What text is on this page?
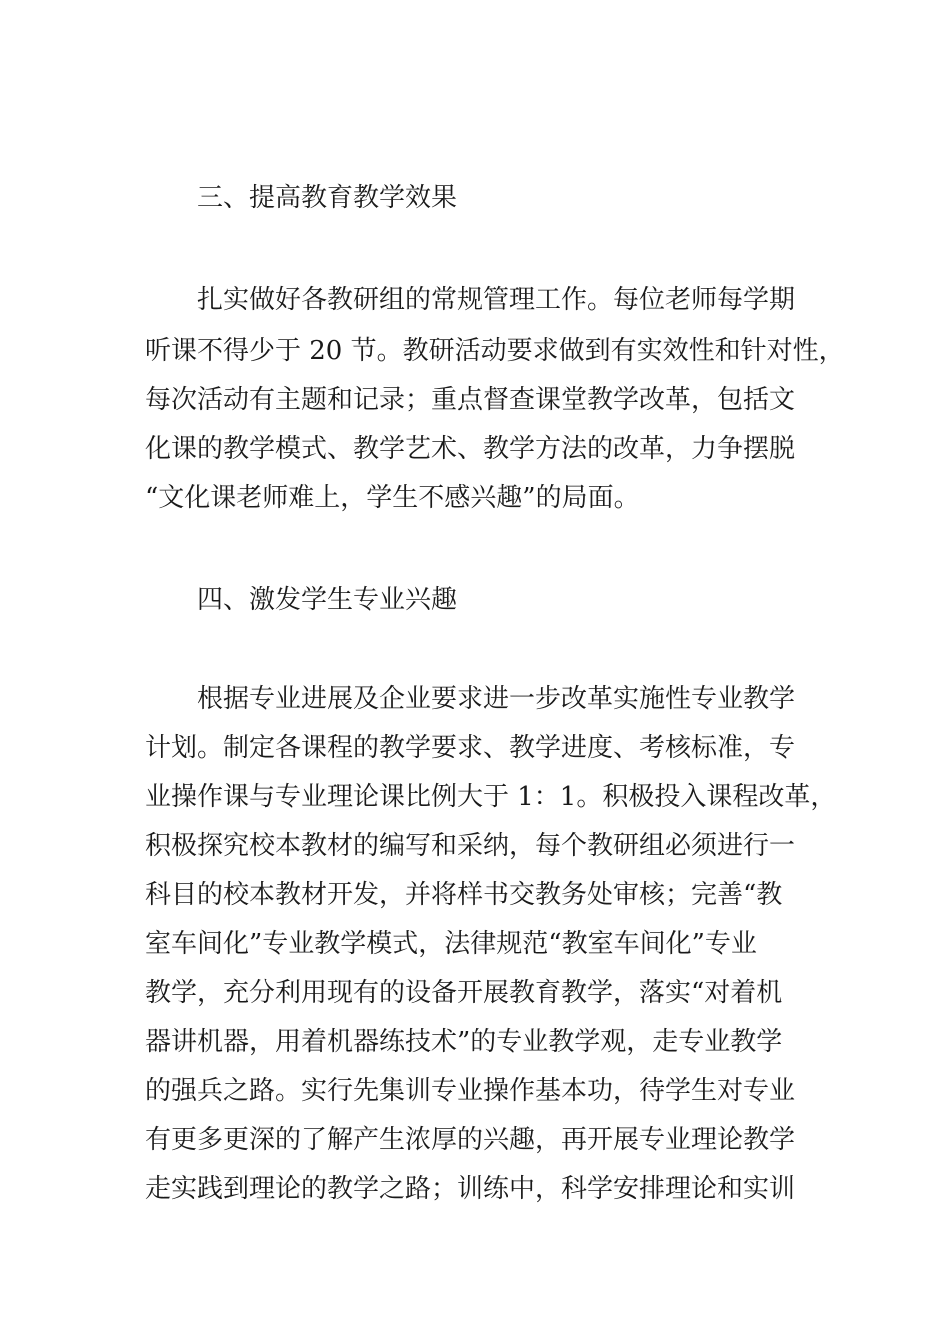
三、提高教育教学效果
扎实做好各教研组的常规管理工作。每位老师每学期
听课不得少于 20 节。教研活动要求做到有实效性和针对性，
每次活动有主题和记录；重点督查课堂教学改革，包括文
化课的教学模式、教学艺术、教学方法的改革，力争摆脱
“文化课老师难上，学生不感兴趣”的局面。
四、激发学生专业兴趣
根据专业进展及企业要求进一步改革实施性专业教学
计划。制定各课程的教学要求、教学进度、考核标准，专
业操作课与专业理论课比例大于 1：1。积极投入课程改革，
积极探究校本教材的编写和采纳，每个教研组必须进行一
科目的校本教材开发，并将样书交教务处审核；完善“教
室车间化”专业教学模式，法律规范“教室车间化”专业
教学，充分利用现有的设备开展教育教学，落实“对着机
器讲机器，用着机器练技术”的专业教学观，走专业教学
的强兵之路。实行先集训专业操作基本功，待学生对专业
有更多更深的了解产生浓厚的兴趣，再开展专业理论教学
走实践到理论的教学之路；训练中，科学安排理论和实训
